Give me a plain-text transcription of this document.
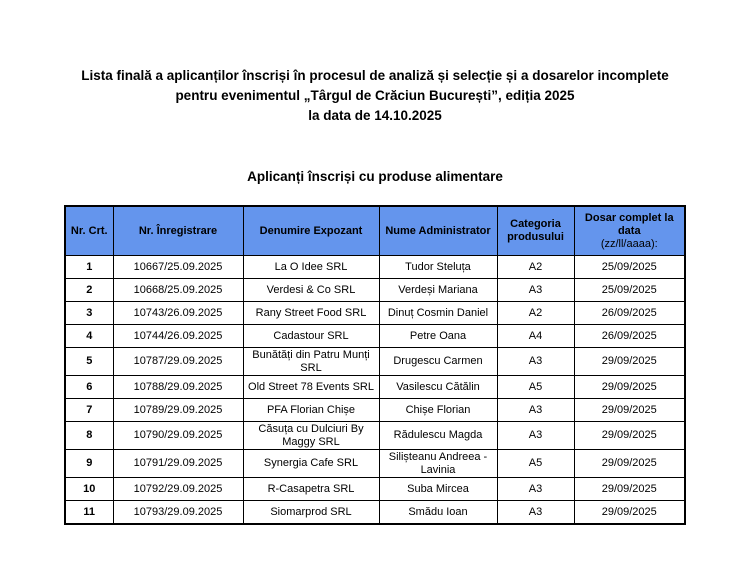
Lista finală a aplicanților înscriși în procesul de analiză și selecție și a dosarelor incomplete
pentru evenimentul „Târgul de Crăciun București”, ediția 2025
la data de 14.10.2025
Aplicanți înscriși cu produse alimentare
Nr. Crt.	Nr. Înregistrare	Denumire Expozant	Nume Administrator	Categoria produsului	Dosar complet la data
(zz/ll/aaaa):

1	10667/25.09.2025	La O Idee SRL	Tudor Steluța	A2	25/09/2025
2	10668/25.09.2025	Verdesi & Co SRL	Verdeși Mariana	A3	25/09/2025
3	10743/26.09.2025	Rany Street Food SRL	Dinuț Cosmin Daniel	A2	26/09/2025
4	10744/26.09.2025	Cadastour SRL	Petre Oana	A4	26/09/2025
5	10787/29.09.2025	Bunătăți din Patru Munți SRL	Drugescu Carmen	A3	29/09/2025
6	10788/29.09.2025	Old Street 78 Events SRL	Vasilescu Cătălin	A5	29/09/2025
7	10789/29.09.2025	PFA Florian Chișe	Chișe Florian	A3	29/09/2025
8	10790/29.09.2025	Căsuța cu Dulciuri By Maggy SRL	Rădulescu Magda	A3	29/09/2025
9	10791/29.09.2025	Synergia Cafe SRL	Silișteanu Andreea - Lavinia	A5	29/09/2025
10	10792/29.09.2025	R-Casapetra SRL	Suba Mircea	A3	29/09/2025
11	10793/29.09.2025	Siomarprod SRL	Smădu Ioan	A3	29/09/2025
